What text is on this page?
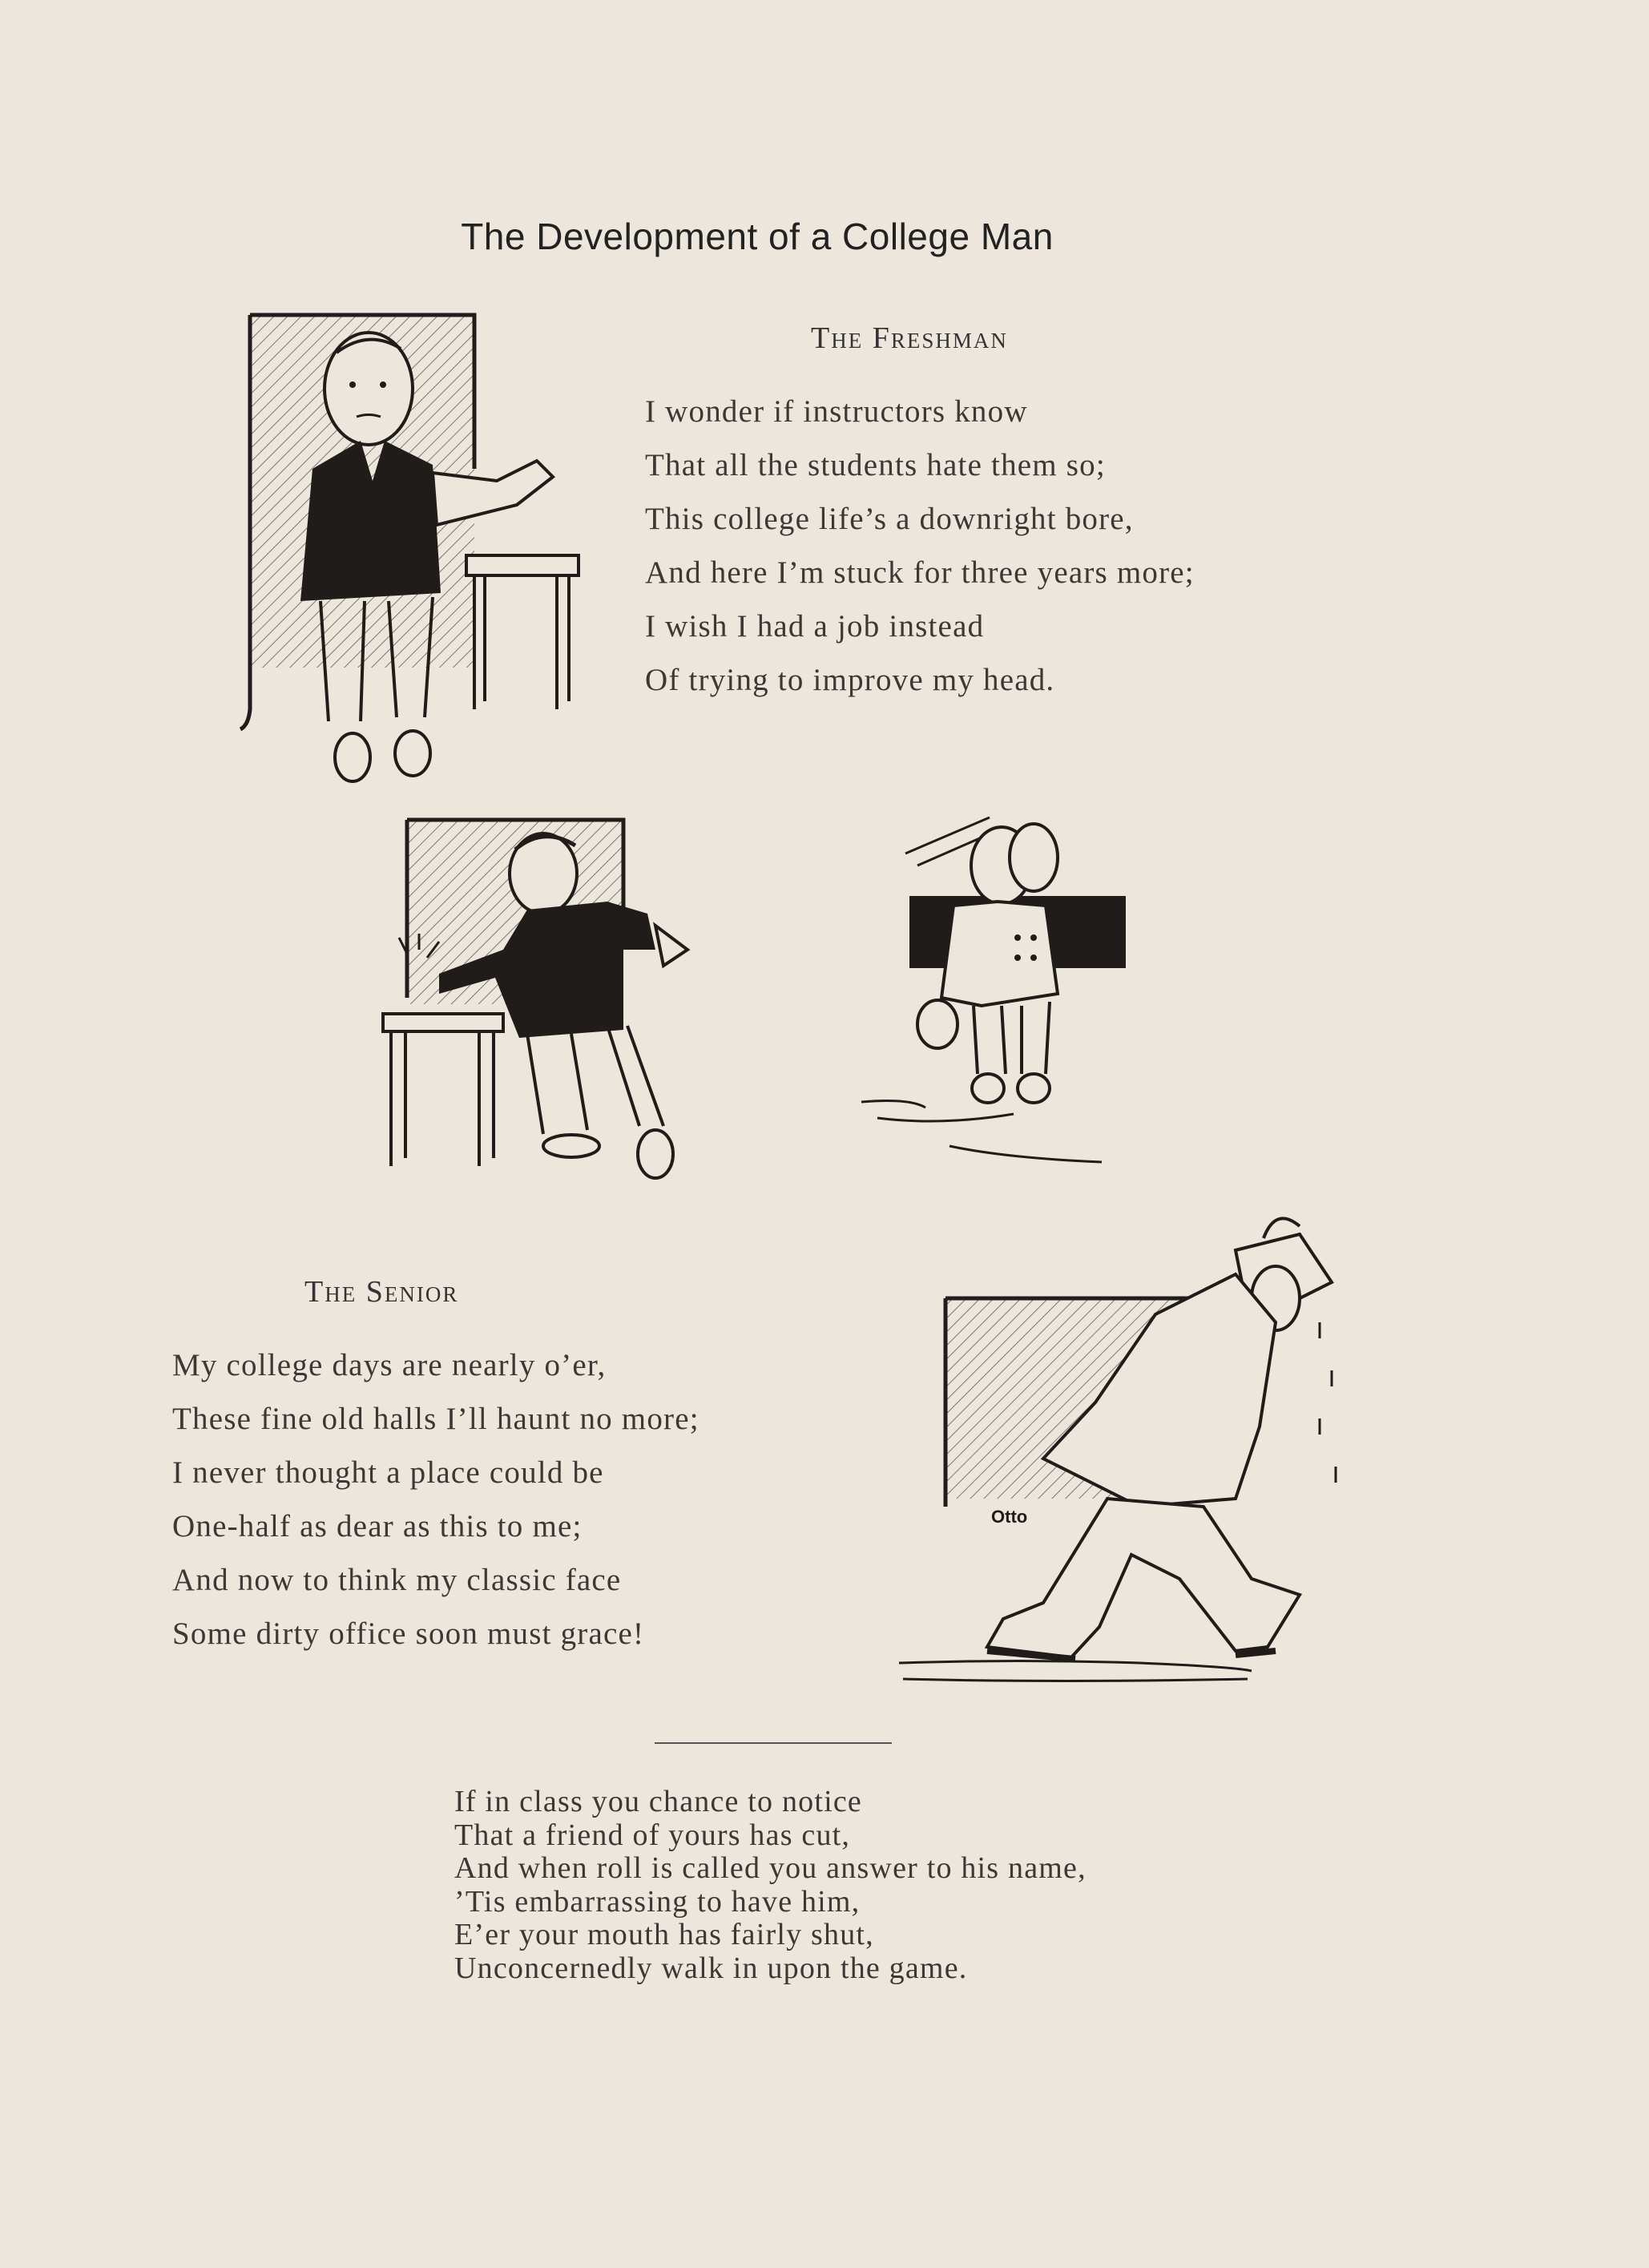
The Development of a College Man
Otto
The Freshman
I wonder if instructors know
That all the students hate them so;
This college life’s a downright bore,
And here I’m stuck for three years more;
I wish I had a job instead
Of trying to improve my head.
The Senior
My college days are nearly o’er,
These fine old halls I’ll haunt no more;
I never thought a place could be
One-half as dear as this to me;
And now to think my classic face
Some dirty office soon must grace!
If in class you chance to notice
That a friend of yours has cut,
And when roll is called you answer to his name,
’Tis embarrassing to have him,
E’er your mouth has fairly shut,
Unconcernedly walk in upon the game.
